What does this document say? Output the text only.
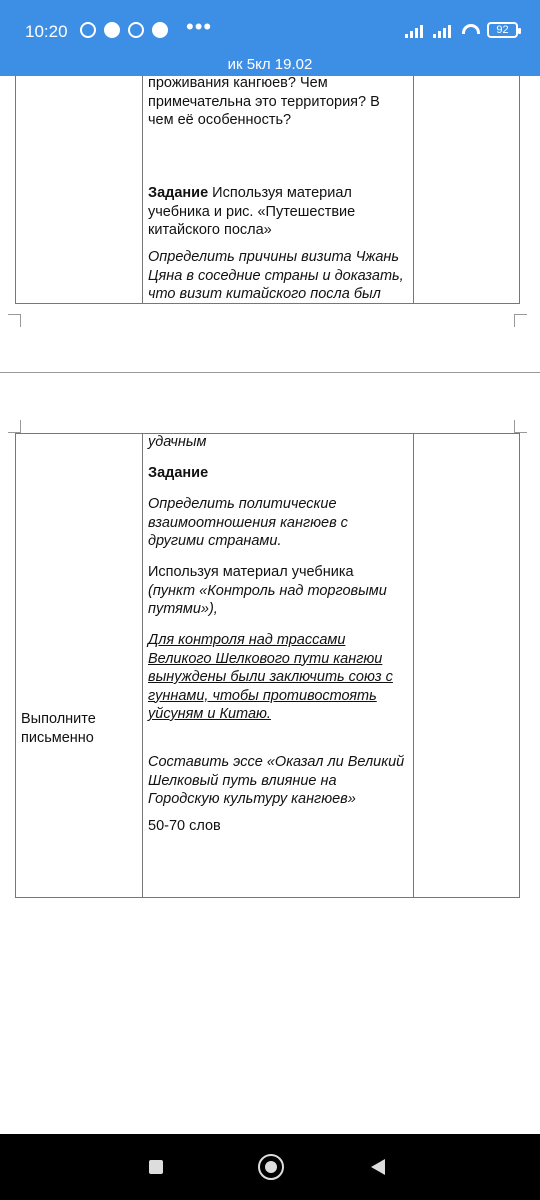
10:20	•••	92
ик 5кл 19.02
проживания кангюев? Чем
примечательна это территория? В
чем её особенность?
Задание Используя материал
учебника и рис. «Путешествие
китайского посла»
Определить причины визита Чжань
Цяна в соседние страны и доказать,
что визит китайского посла был
Выполните
письменно
удачным
Задание
Определить политические
взаимоотношения кангюев с
другими странами.
Используя материал учебника
(пункт «Контроль над торговыми
путями»),
Для контроля над трассами
Великого Шелкового пути кангюи
вынуждены были заключить союз с
гуннами, чтобы противостоять
уйсуням и Китаю.
Составить эссе «Оказал ли Великий
Шелковый путь влияние на
Городскую культуру кангюев»
50-70 слов
